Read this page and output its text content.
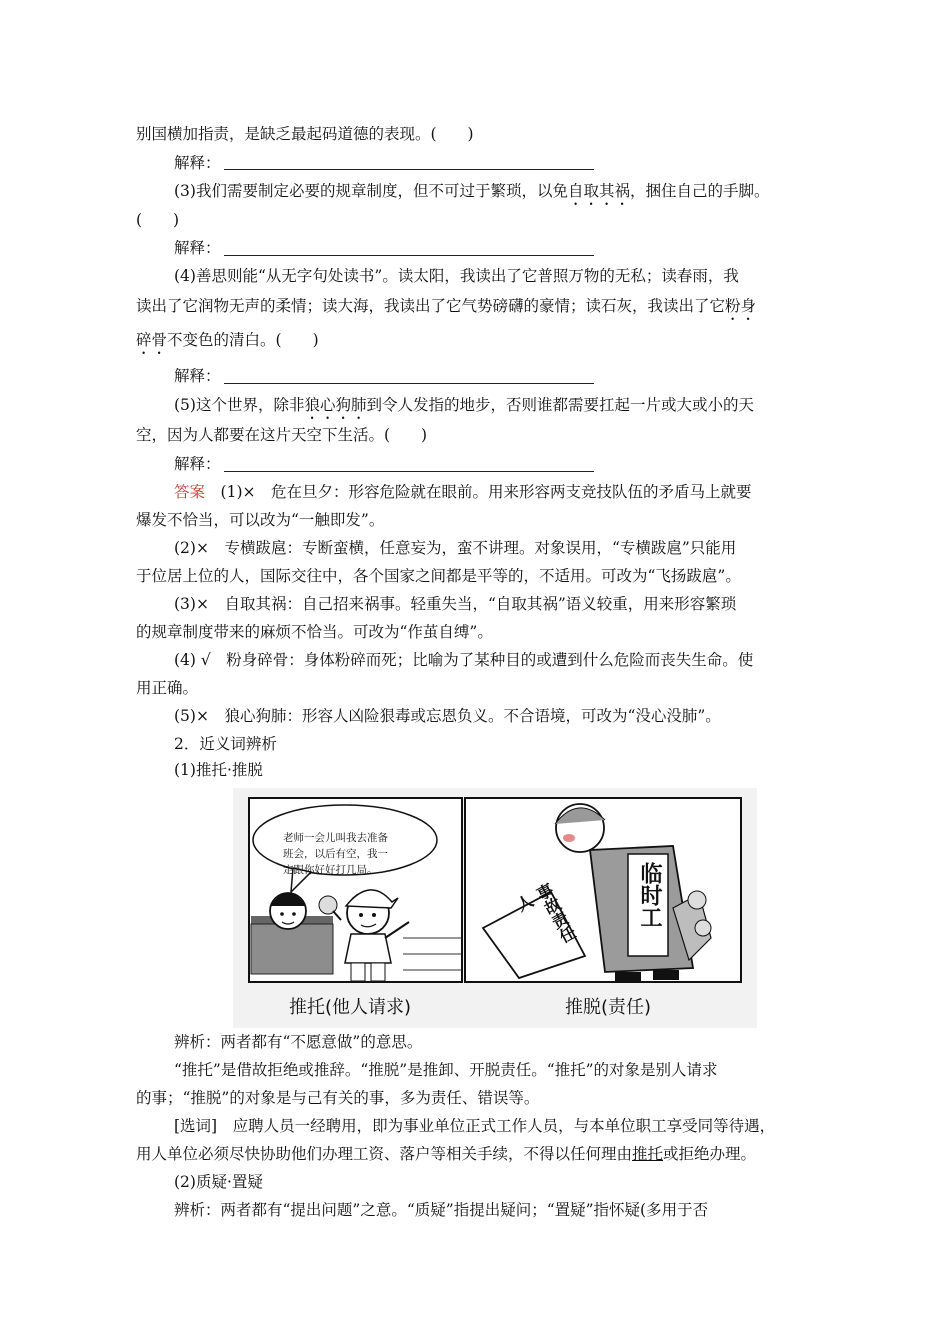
别国横加指责，是缺乏最起码道德的表现。(　　)
解释：
(3)我们需要制定必要的规章制度，但不可过于繁琐，以免自取其祸，捆住自己的手脚。
(　　)
解释：
(4)善思则能“从无字句处读书”。读太阳，我读出了它普照万物的无私；读春雨，我
读出了它润物无声的柔情；读大海，我读出了它气势磅礴的豪情；读石灰，我读出了它粉身
碎骨不变色的清白。(　　)
解释：
(5)这个世界，除非狼心狗肺到令人发指的地步，否则谁都需要扛起一片或大或小的天
空，因为人都要在这片天空下生活。(　　)
解释：
答案　 (1)×　危在旦夕：形容危险就在眼前。用来形容两支竞技队伍的矛盾马上就要
爆发不恰当，可以改为“一触即发”。
(2)×　专横跋扈：专断蛮横，任意妄为，蛮不讲理。对象误用，“专横跋扈”只能用
于位居上位的人，国际交往中，各个国家之间都是平等的，不适用。可改为“飞扬跋扈”。
(3)×　自取其祸：自己招来祸事。轻重失当，“自取其祸”语义较重，用来形容繁琐
的规章制度带来的麻烦不恰当。可改为“作茧自缚”。
(4) √　粉身碎骨：身体粉碎而死；比喻为了某种目的或遭到什么危险而丧失生命。使
用正确。
(5)×　狼心狗肺：形容人凶险狠毒或忘恩负义。不合语境，可改为“没心没肺”。
2．近义词辨析
(1)推托·推脱
老师一会儿叫我去准备
班会，以后有空，我一
定跟你好好打几局。	临时工
事故责任人
推托(他人请求)	推脱(责任)
辨析：两者都有“不愿意做”的意思。
“推托”是借故拒绝或推辞。“推脱”是推卸、开脱责任。“推托”的对象是别人请求
的事；“推脱”的对象是与己有关的事，多为责任、错误等。
[选词]　应聘人员一经聘用，即为事业单位正式工作人员，与本单位职工享受同等待遇，
用人单位必须尽快协助他们办理工资、落户等相关手续，不得以任何理由推托或拒绝办理。
(2)质疑·置疑
辨析：两者都有“提出问题”之意。“质疑”指提出疑问；“置疑”指怀疑(多用于否
